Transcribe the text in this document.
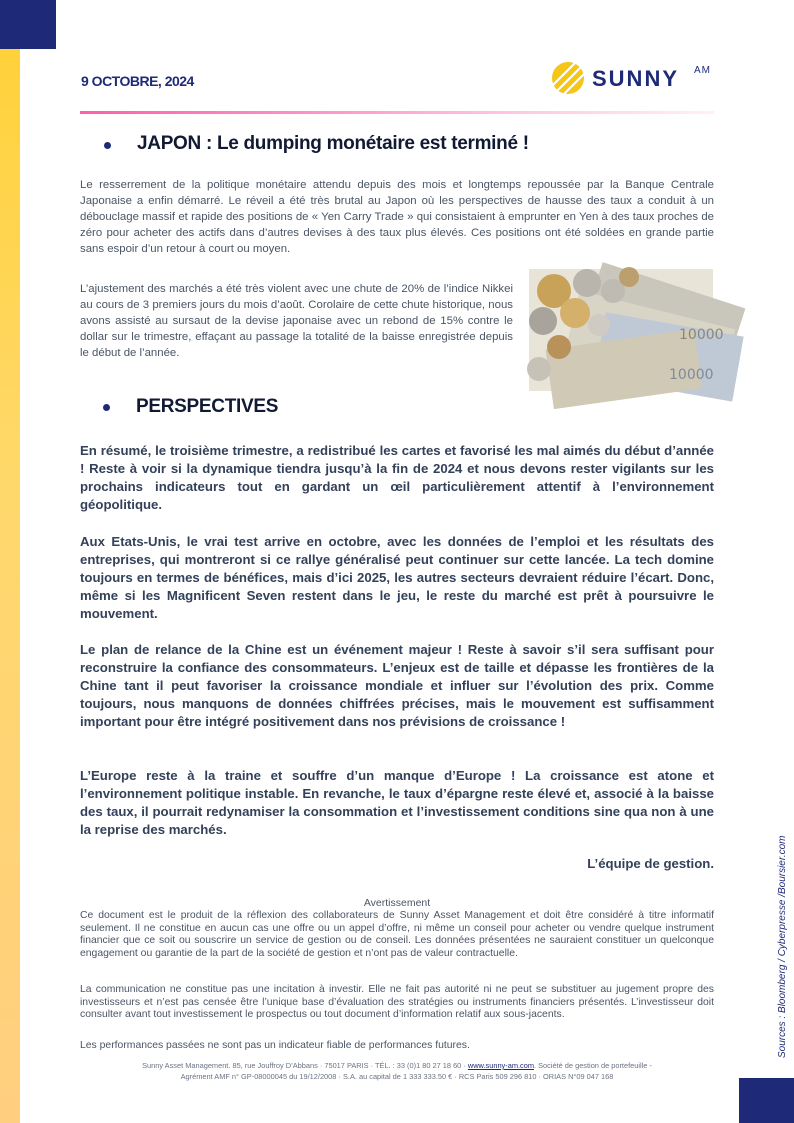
9 OCTOBRE, 2024	SUNNY AM
JAPON : Le dumping monétaire est terminé !

Le resserrement de la politique monétaire attendu depuis des mois et longtemps repoussée par la Banque Centrale Japonaise a enfin démarré. Le réveil a été très brutal au Japon où les perspectives de hausse des taux a conduit à un débouclage massif et rapide des positions de « Yen Carry Trade » qui consistaient à emprunter en Yen à des taux proches de zéro pour acheter des actifs dans d’autres devises à des taux plus élevés. Ces positions ont été soldées en grande partie sans espoir d’un retour à court ou moyen.

L’ajustement des marchés a été très violent avec une chute de 20% de l’indice Nikkei au cours de 3 premiers jours du mois d’août. Corolaire de cette chute historique, nous avons assisté au sursaut de la devise japonaise avec un rebond de 15% contre le dollar sur le trimestre, effaçant au passage la totalité de la baisse enregistrée depuis le début de l’année.

10000
10000
PERSPECTIVES

En résumé, le troisième trimestre, a redistribué les cartes et favorisé les mal aimés du début d’année ! Reste à voir si la dynamique tiendra jusqu’à la fin de 2024 et nous devons rester vigilants sur les prochains indicateurs tout en gardant un œil particulièrement attentif à l’environnement géopolitique.

Aux Etats-Unis, le vrai test arrive en octobre, avec les données de l’emploi et les résultats des entreprises, qui montreront si ce rallye généralisé peut continuer sur cette lancée. La tech domine toujours en termes de bénéfices, mais d’ici 2025, les autres secteurs devraient réduire l’écart. Donc, même si les Magnificent Seven restent dans le jeu, le reste du marché est prêt à poursuivre le mouvement.

Le plan de relance de la Chine est un événement majeur ! Reste à savoir s’il sera suffisant pour reconstruire la confiance des consommateurs. L’enjeux est de taille et dépasse les frontières de la Chine tant il peut favoriser la croissance mondiale et influer sur l’évolution des prix. Comme toujours, nous manquons de données chiffrées précises, mais le mouvement est suffisamment important pour être intégré positivement dans nos prévisions de croissance !

L’Europe reste à la traine et souffre d’un manque d’Europe ! La croissance est atone et l’environnement politique instable. En revanche, le taux d’épargne reste élevé et, associé à la baisse des taux, il pourrait redynamiser la consommation et l’investissement conditions sine qua non à une la reprise des marchés.

L’équipe de gestion.
Avertissement

Ce document est le produit de la réflexion des collaborateurs de Sunny Asset Management et doit être considéré à titre informatif seulement. Il ne constitue en aucun cas une offre ou un appel d’offre, ni même un conseil pour acheter ou vendre quelque instrument financier que ce soit ou souscrire un service de gestion ou de conseil. Les données présentées ne sauraient constituer un quelconque engagement ou garantie de la part de la société de gestion et n’ont pas de valeur contractuelle.

La communication ne constitue pas une incitation à investir. Elle ne fait pas autorité ni ne peut se substituer au jugement propre des investisseurs et n’est pas censée être l’unique base d’évaluation des stratégies ou instruments financiers présentés. L’investisseur doit consulter avant tout investissement le prospectus ou tout document d’information relatif aux sous-jacents.

Les performances passées ne sont pas un indicateur fiable de performances futures.

Sunny Asset Management. 85, rue Jouffroy D’Abbans · 75017 PARIS · TÉL. : 33 (0)1 80 27 18 60 · www.sunny-am.com. Société de gestion de portefeuille -
Agrément AMF n° GP-08000045 du 19/12/2008 · S.A. au capital de 1 333 333.50 € · RCS Paris 509 296 810 · ORIAS N°09 047 168

Sources : Bloomberg / Cyberpresse /Boursier.com
